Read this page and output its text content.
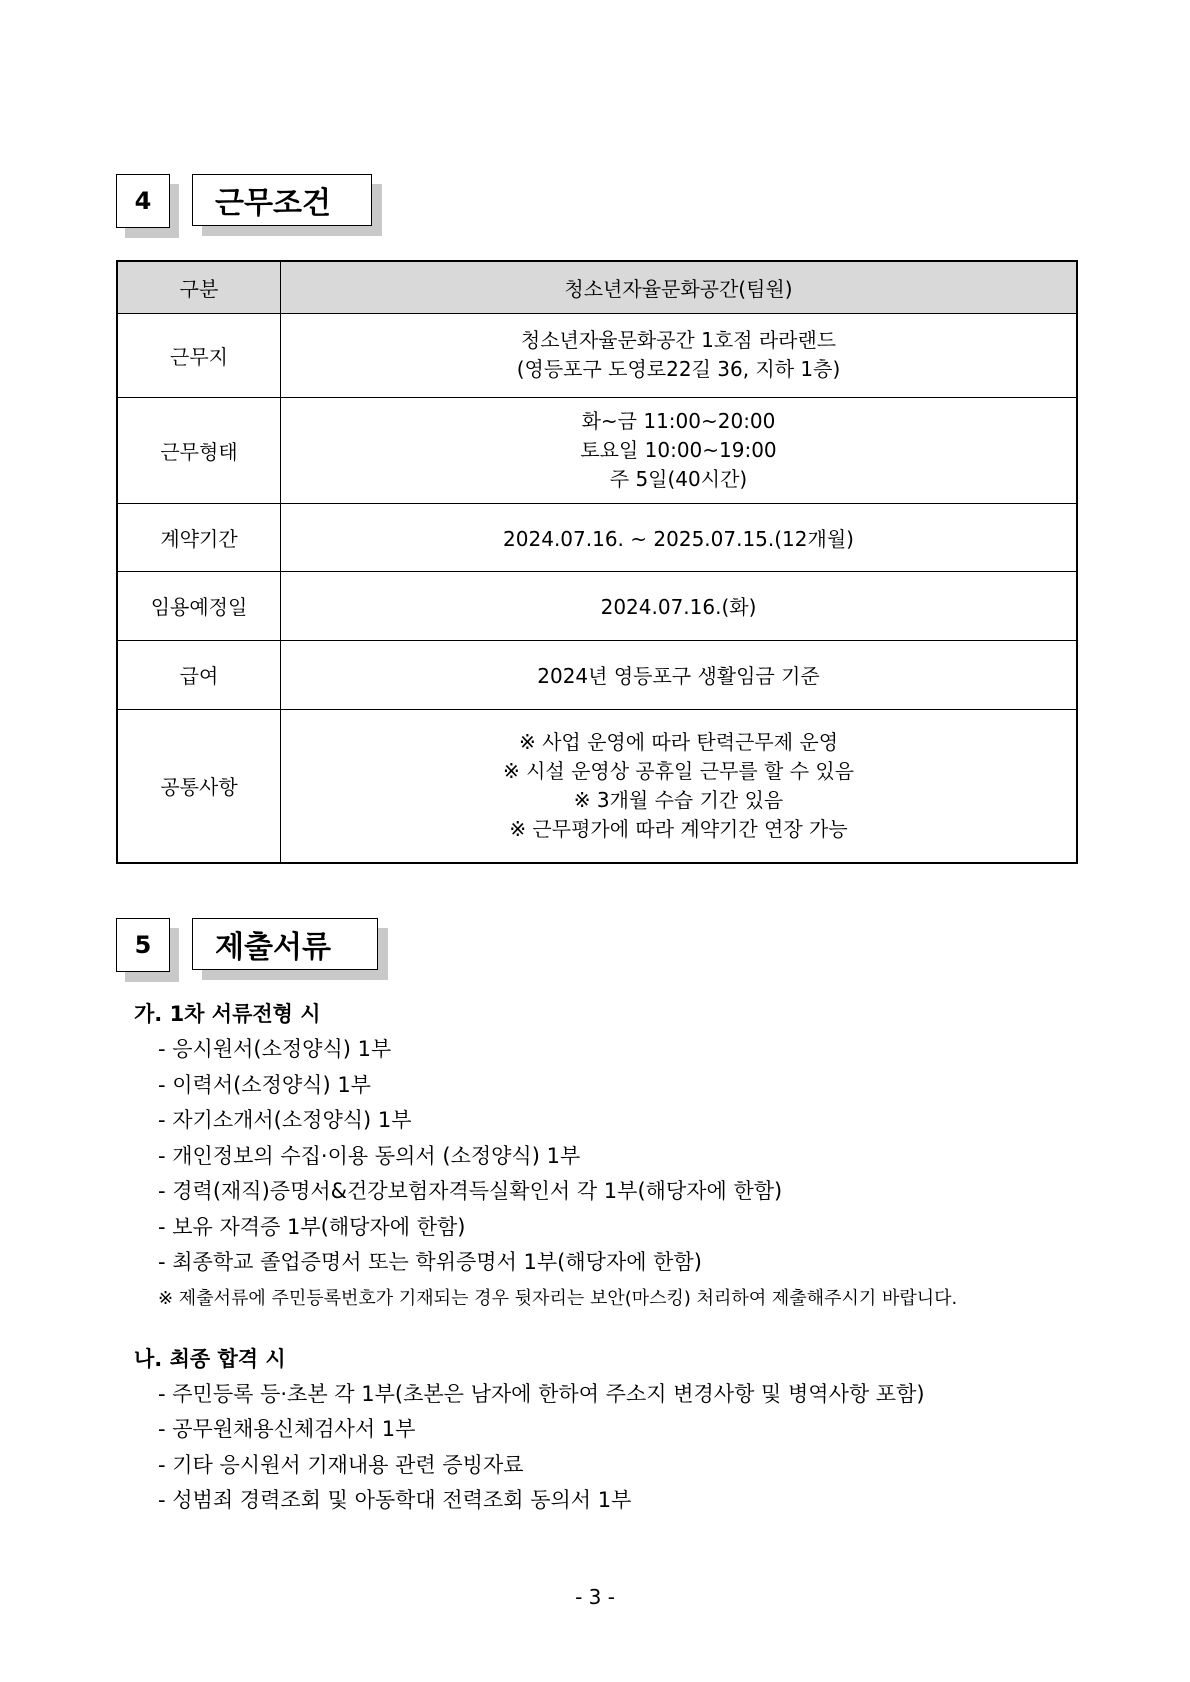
4	근무조건
구분	청소년자율문화공간(팀원)
근무지	청소년자율문화공간 1호점 라라랜드
(영등포구 도영로22길 36, 지하 1층)

근무형태	화~금 11:00~20:00
토요일 10:00~19:00
주 5일(40시간)

계약기간	2024.07.16. ~ 2025.07.15.(12개월)
임용예정일	2024.07.16.(화)
급여	2024년 영등포구 생활임금 기준
공통사항	※ 사업 운영에 따라 탄력근무제 운영
※ 시설 운영상 공휴일 근무를 할 수 있음
※ 3개월 수습 기간 있음
※ 근무평가에 따라 계약기간 연장 가능
5	제출서류
가. 1차 서류전형 시
- 응시원서(소정양식) 1부
- 이력서(소정양식) 1부
- 자기소개서(소정양식) 1부
- 개인정보의 수집·이용 동의서 (소정양식) 1부
- 경력(재직)증명서&건강보험자격득실확인서 각 1부(해당자에 한함)
- 보유 자격증 1부(해당자에 한함)
- 최종학교 졸업증명서 또는 학위증명서 1부(해당자에 한함)
※ 제출서류에 주민등록번호가 기재되는 경우 뒷자리는 보안(마스킹) 처리하여 제출해주시기 바랍니다.
나. 최종 합격 시
- 주민등록 등·초본 각 1부(초본은 남자에 한하여 주소지 변경사항 및 병역사항 포함)
- 공무원채용신체검사서 1부
- 기타 응시원서 기재내용 관련 증빙자료
- 성범죄 경력조회 및 아동학대 전력조회 동의서 1부
- 3 -
